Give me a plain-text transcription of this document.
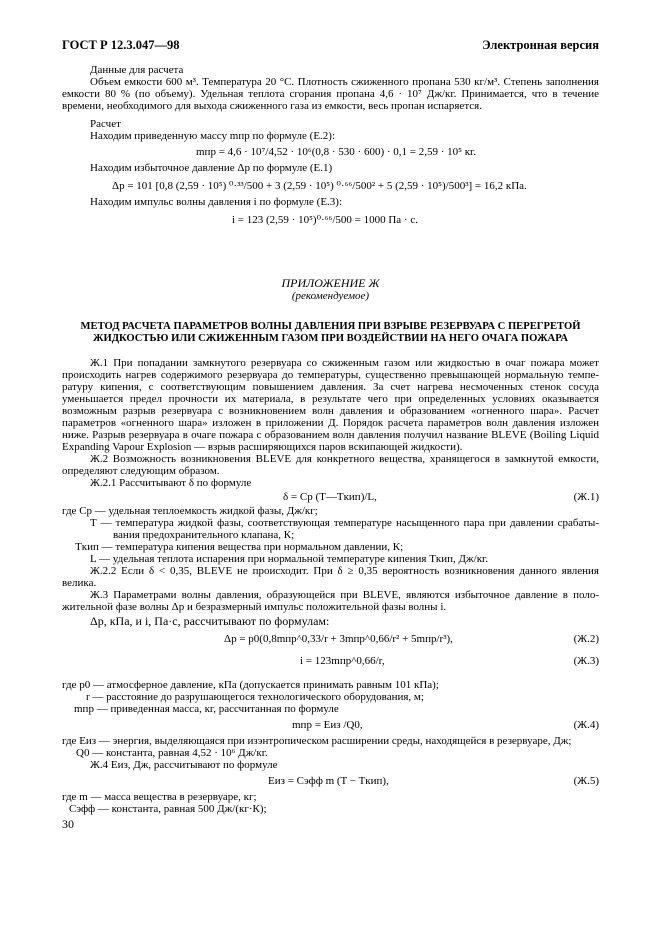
ГОСТ Р 12.3.047—98	Электронная версия
Данные для расчета
Объем емкости 600 м³. Температура 20 °С. Плотность сжиженного пропана 530 кг/м³. Степень заполнения
емкости 80 % (по объему). Удельная теплота сгорания пропана 4,6 · 10⁷ Дж/кг. Принимается, что в течение
времени, необходимого для выхода сжиженного газа из емкости, весь пропан испаряется.
Расчет
Находим приведенную массу mпр по формуле (Е.2):
mпр = 4,6 · 10⁷/4,52 · 10⁶(0,8 · 530 · 600) · 0,1 = 2,59 · 10⁵ кг.
Находим избыточное давление Δp по формуле (Е.1)
Δp = 101 [0,8 (2,59 · 10⁵) ⁰·³³/500 + 3 (2,59 · 10⁵) ⁰·⁶⁶/500² + 5 (2,59 · 10⁵)/500³] = 16,2 кПа.
Находим импульс волны давления i по формуле (Е.3):
i = 123 (2,59 · 10⁵)⁰·⁶⁶/500 = 1000 Па · с.
ПРИЛОЖЕНИЕ Ж
(рекомендуемое)
МЕТОД РАСЧЕТА ПАРАМЕТРОВ ВОЛНЫ ДАВЛЕНИЯ ПРИ ВЗРЫВЕ РЕЗЕРВУАРА С ПЕРЕГРЕТОЙ
ЖИДКОСТЬЮ ИЛИ СЖИЖЕННЫМ ГАЗОМ ПРИ ВОЗДЕЙСТВИИ НА НЕГО ОЧАГА ПОЖАРА
Ж.1 При попадании замкнутого резервуара со сжиженным газом или жидкостью в очаг пожара может
происходить нагрев содержимого резервуара до температуры, существенно превышающей нормальную темпе-
ратуру кипения, с соответствующим повышением давления. За счет нагрева несмоченных стенок сосуда
уменьшается предел прочности их материала, в результате чего при определенных условиях оказывается
возможным разрыв резервуара с возникновением волн давления и образованием «огненного шара». Расчет
параметров «огненного шара» изложен в приложении Д. Порядок расчета параметров волн давления изложен
ниже. Разрыв резервуара в очаге пожара с образованием волн давления получил название BLEVE (Boiling Liquid
Expanding Vapour Explosion — взрыв расширяющихся паров вскипающей жидкости).
Ж.2 Возможность возникновения BLEVE для конкретного вещества, хранящегося в замкнутой емкости,
определяют следующим образом.
Ж.2.1 Рассчитывают δ по формуле
δ = Cp (T—Tкип)/L,	(Ж.1)
где Cp — удельная теплоемкость жидкой фазы, Дж/кг;
T — температура жидкой фазы, соответствующая температуре насыщенного пара при давлении срабаты-
вания предохранительного клапана, К;
Tкип — температура кипения вещества при нормальном давлении, К;
L — удельная теплота испарения при нормальной температуре кипения Tкип, Дж/кг.
Ж.2.2 Если δ < 0,35, BLEVE не происходит. При δ ≥ 0,35 вероятность возникновения данного явления
велика.
Ж.3 Параметрами волны давления, образующейся при BLEVE, являются избыточное давление в поло-
жительной фазе волны Δp и безразмерный импульс положительной фазы волны i.
Δp, кПа, и i, Па·с, рассчитывают по формулам:
Δp = p0(0,8mпр^0,33/r + 3mпр^0,66/r² + 5mпр/r³),	(Ж.2)
i = 123mпр^0,66/r,	(Ж.3)
где p0 — атмосферное давление, кПа (допускается принимать равным 101 кПа);
r — расстояние до разрушающегося технологического оборудования, м;
mпр — приведенная масса, кг, рассчитанная по формуле
mпр = Eиз /Q0,	(Ж.4)
где Eиз — энергия, выделяющаяся при изэнтропическом расширении среды, находящейся в резервуаре, Дж;
Q0 — константа, равная 4,52 · 10⁶ Дж/кг.
Ж.4 Eиз, Дж, рассчитывают по формуле
Eиз = Cэфф m (T − Tкип),	(Ж.5)
где m — масса вещества в резервуаре, кг;
Cэфф — константа, равная 500 Дж/(кг·К);
30
